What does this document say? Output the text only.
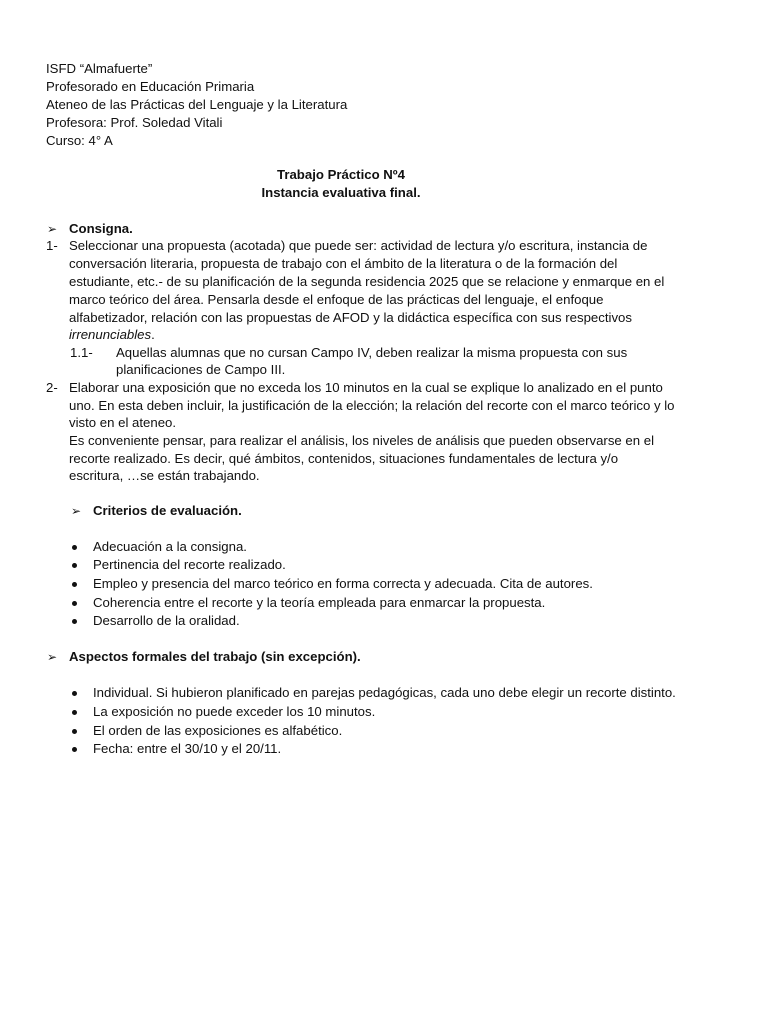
ISFD “Almafuerte”
Profesorado en Educación Primaria
Ateneo de las Prácticas del Lenguaje y la Literatura
Profesora: Prof. Soledad Vitali
Curso: 4° A
Trabajo Práctico Nº4
Instancia evaluativa final.
➢ Consigna.
1- Seleccionar una propuesta (acotada) que puede ser: actividad de lectura y/o escritura, instancia de
conversación literaria, propuesta de trabajo con el ámbito de la literatura o de la formación del
estudiante, etc.- de su planificación de la segunda residencia 2025 que se relacione y enmarque en el
marco teórico del área. Pensarla desde el enfoque de las prácticas del lenguaje, el enfoque
alfabetizador, relación con las propuestas de AFOD y la didáctica específica con sus respectivos
irrenunciables.
1.1- Aquellas alumnas que no cursan Campo IV, deben realizar la misma propuesta con sus
planificaciones de Campo III.
2- Elaborar una exposición que no exceda los 10 minutos en la cual se explique lo analizado en el punto
uno. En esta deben incluir, la justificación de la elección; la relación del recorte con el marco teórico y lo
visto en el ateneo.
Es conveniente pensar, para realizar el análisis, los niveles de análisis que pueden observarse en el
recorte realizado. Es decir, qué ámbitos, contenidos, situaciones fundamentales de lectura y/o
escritura, …se están trabajando.
➢ Criterios de evaluación.
Adecuación a la consigna.
Pertinencia del recorte realizado.
Empleo y presencia del marco teórico en forma correcta y adecuada. Cita de autores.
Coherencia entre el recorte y la teoría empleada para enmarcar la propuesta.
Desarrollo de la oralidad.
➢ Aspectos formales del trabajo (sin excepción).
Individual. Si hubieron planificado en parejas pedagógicas, cada uno debe elegir un recorte distinto.
La exposición no puede exceder los 10 minutos.
El orden de las exposiciones es alfabético.
Fecha: entre el 30/10 y el 20/11.
